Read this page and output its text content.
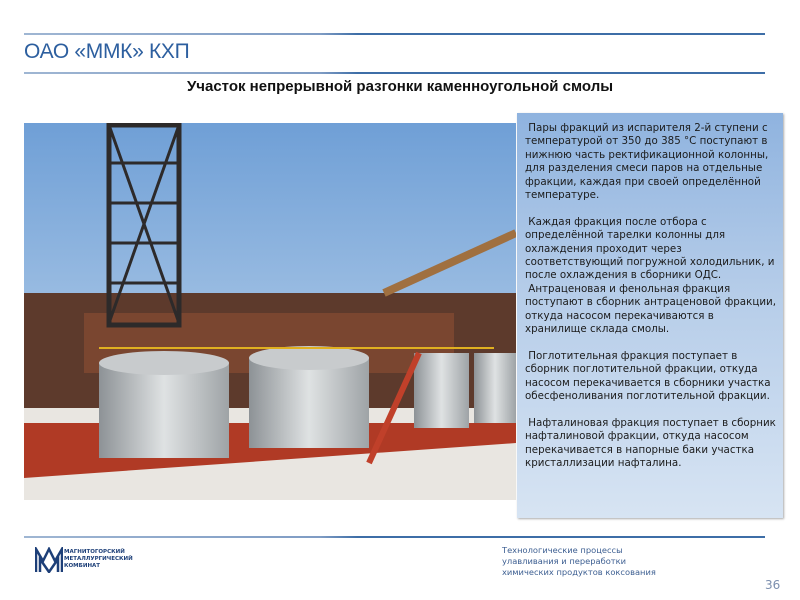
ОАО «ММК» КХП
Участок непрерывной разгонки каменноугольной смолы

Пары фракций из испарителя 2-й ступени с температурой от 350 до 385 °С поступают в нижнюю часть ректификационной колонны, для разделения смеси паров на отдельные фракции, каждая при своей определённой температуре.

Каждая фракция после отбора с определённой тарелки колонны для охлаждения проходит через соответствующий погружной холодильник, и после охлаждения в сборники ОДС.

Антраценовая и фенольная фракция поступают в сборник антраценовой фракции, откуда насосом перекачиваются в хранилище склада смолы.

Поглотительная фракция поступает в сборник поглотительной фракции, откуда насосом перекачивается в сборники участка обесфеноливания поглотительной фракции.

Нафталиновая фракция поступает в сборник нафталиновой фракции, откуда насосом перекачивается в напорные баки участка кристаллизации нафталина.

МАГНИТОГОРСКИЙ
МЕТАЛЛУРГИЧЕСКИЙ
КОМБИНАТ
Технологические процессы
улавливания и переработки
химических продуктов коксования
36
